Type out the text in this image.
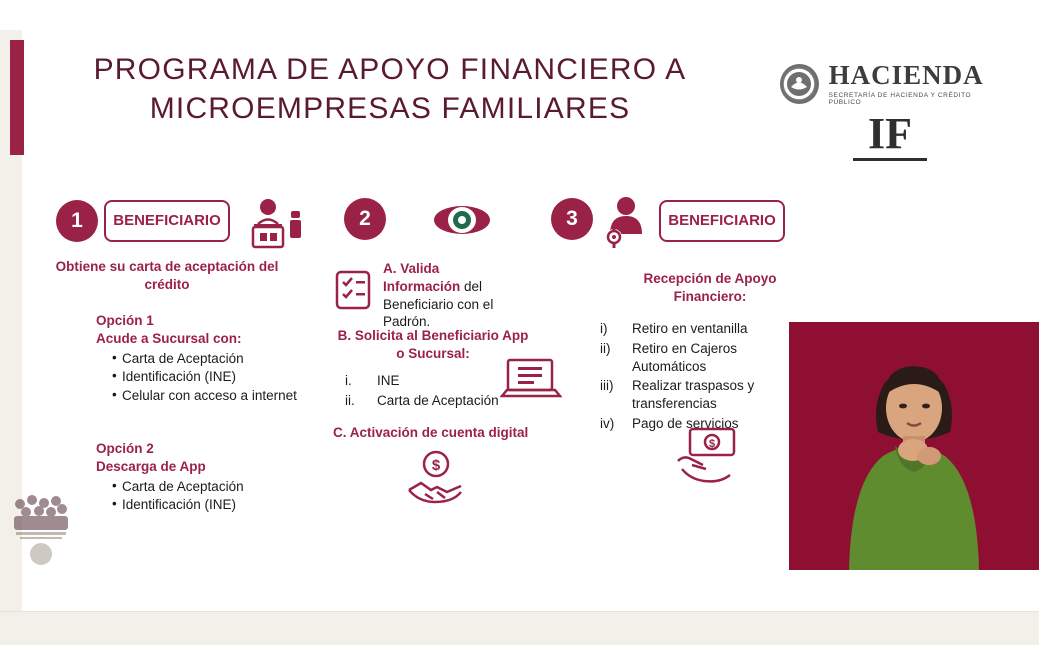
PROGRAMA DE APOYO FINANCIERO A
MICROEMPRESAS FAMILIARES
HACIENDA
SECRETARÍA DE HACIENDA Y CRÉDITO PÚBLICO
IF
1	BENEFICIARIO
Obtiene su carta de aceptación del crédito
Opción 1
Acude a Sucursal con:
• Carta de Aceptación
• Identificación (INE)
• Celular con acceso a internet
Opción 2
Descarga de App
• Carta de Aceptación
• Identificación (INE)
2
A. Valida
Información del Beneficiario con el Padrón.
B. Solicita al Beneficiario App o Sucursal:
i.	INE
ii.	Carta de Aceptación
C. Activación de cuenta digital
$
3	BENEFICIARIO
Recepción de Apoyo
Financiero:
i)	Retiro en ventanilla
ii)	Retiro en Cajeros Automáticos
iii)	Realizar traspasos y transferencias
iv)	Pago de servicios
$
